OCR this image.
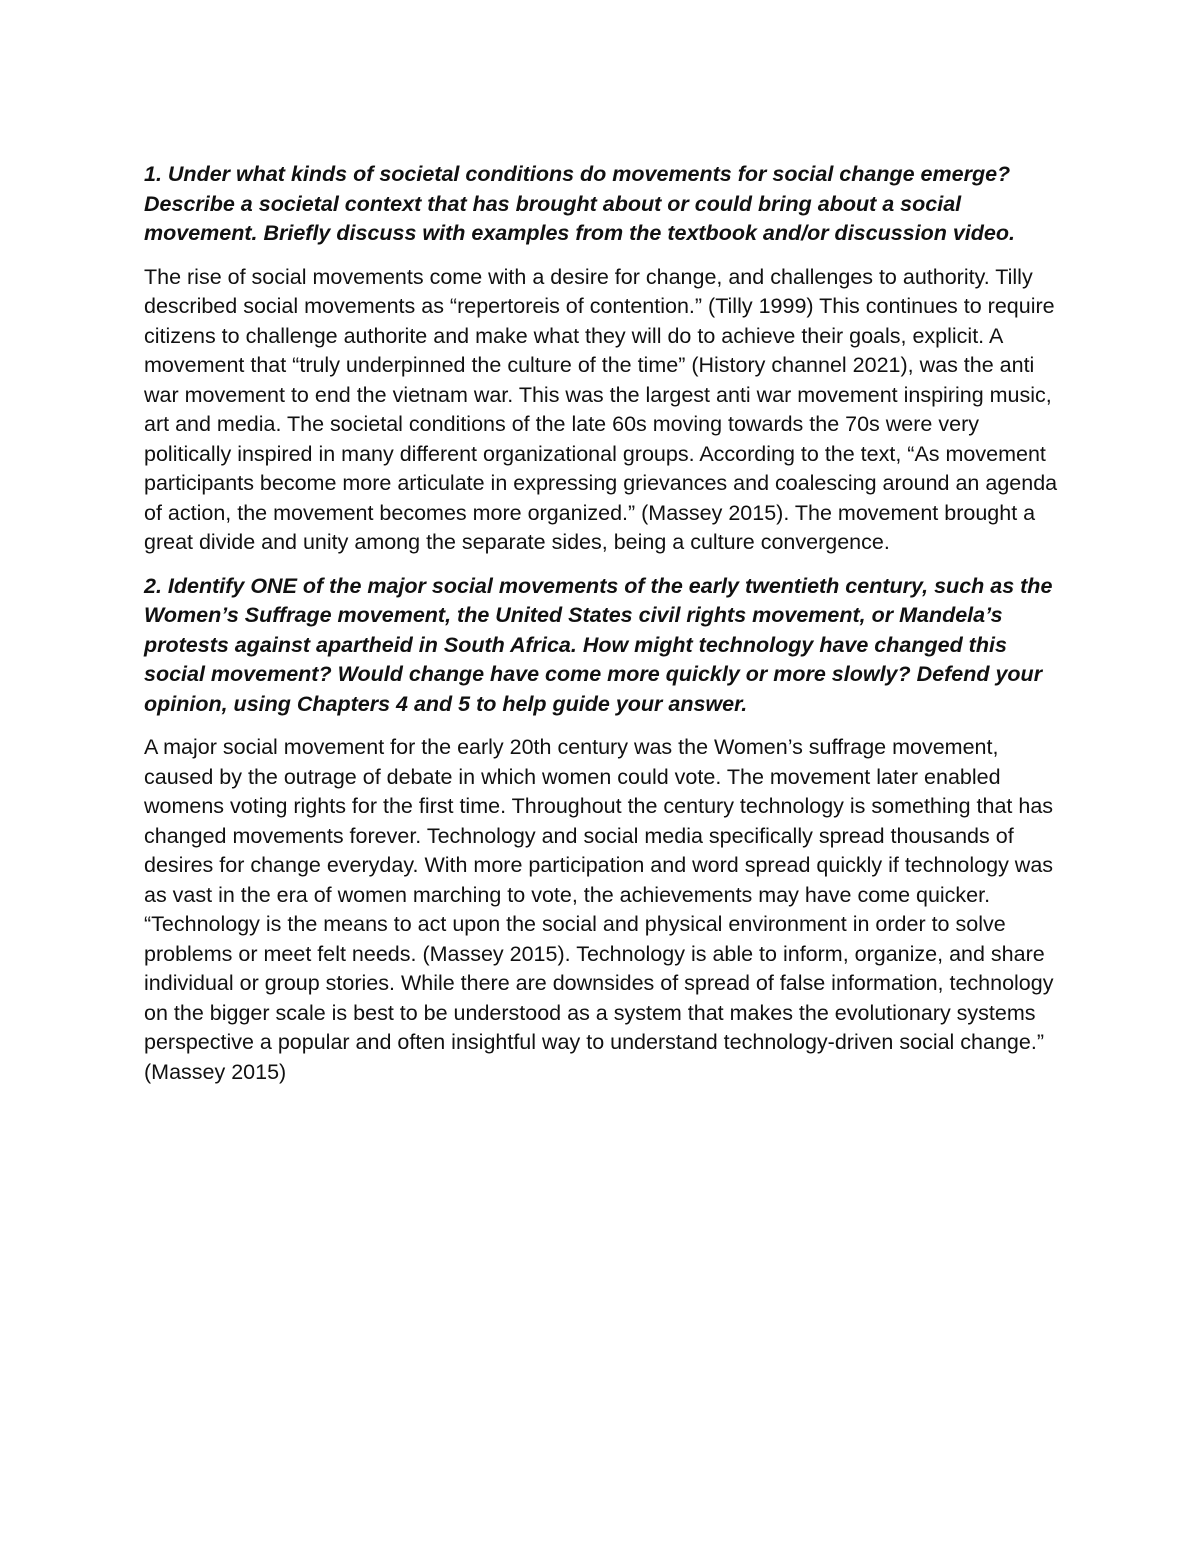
1. Under what kinds of societal conditions do movements for social change emerge? Describe a societal context that has brought about or could bring about a social movement. Briefly discuss with examples from the textbook and/or discussion video.

The rise of social movements come with a desire for change, and challenges to authority. Tilly described social movements as “repertoreis of contention.” (Tilly 1999) This continues to require citizens to challenge authorite and make what they will do to achieve their goals, explicit. A movement that “truly underpinned the culture of the time” (History channel 2021), was the anti war movement to end the vietnam war. This was the largest anti war movement inspiring music, art and media. The societal conditions of the late 60s moving towards the 70s were very politically inspired in many different organizational groups. According to the text, “As movement participants become more articulate in expressing grievances and coalescing around an agenda of action, the movement becomes more organized.” (Massey 2015). The movement brought a great divide and unity among the separate sides, being a culture convergence.

2. Identify ONE of the major social movements of the early twentieth century, such as the Women’s Suffrage movement, the United States civil rights movement, or Mandela’s protests against apartheid in South Africa. How might technology have changed this social movement? Would change have come more quickly or more slowly? Defend your opinion, using Chapters 4 and 5 to help guide your answer.

A major social movement for the early 20th century was the Women’s suffrage movement, caused by the outrage of debate in which women could vote. The movement later enabled womens voting rights for the first time. Throughout the century technology is something that has changed movements forever. Technology and social media specifically spread thousands of desires for change everyday. With more participation and word spread quickly if technology was as vast in the era of women marching to vote, the achievements may have come quicker. “Technology is the means to act upon the social and physical environment in order to solve problems or meet felt needs. (Massey 2015). Technology is able to inform, organize, and share individual or group stories. While there are downsides of spread of false information, technology on the bigger scale is best to be understood as a system that makes the evolutionary systems perspective a popular and often insightful way to understand technology-driven social change.” (Massey 2015)
